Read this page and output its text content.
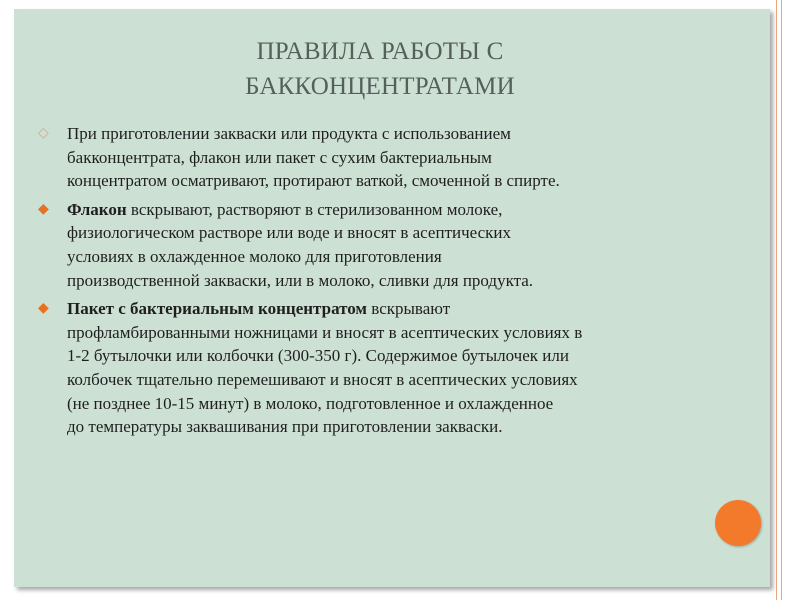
ПРАВИЛА РАБОТЫ С
БАККОНЦЕНТРАТАМИ
◇ При приготовлении закваски или продукта с использованием
бакконцентрата, флакон или пакет с сухим бактериальным
концентратом осматривают, протирают ваткой, смоченной в спирте.
◆ Флакон вскрывают, растворяют в стерилизованном молоке,
физиологическом растворе или воде и вносят в асептических
условиях в охлажденное молоко для приготовления
производственной закваски, или в молоко, сливки для продукта.
◆ Пакет с бактериальным концентратом вскрывают
профламбированными ножницами и вносят в асептических условиях в
1-2 бутылочки или колбочки (300-350 г). Содержимое бутылочек или
колбочек тщательно перемешивают и вносят в асептических условиях
(не позднее 10-15 минут) в молоко, подготовленное и охлажденное
до температуры заквашивания при приготовлении закваски.
